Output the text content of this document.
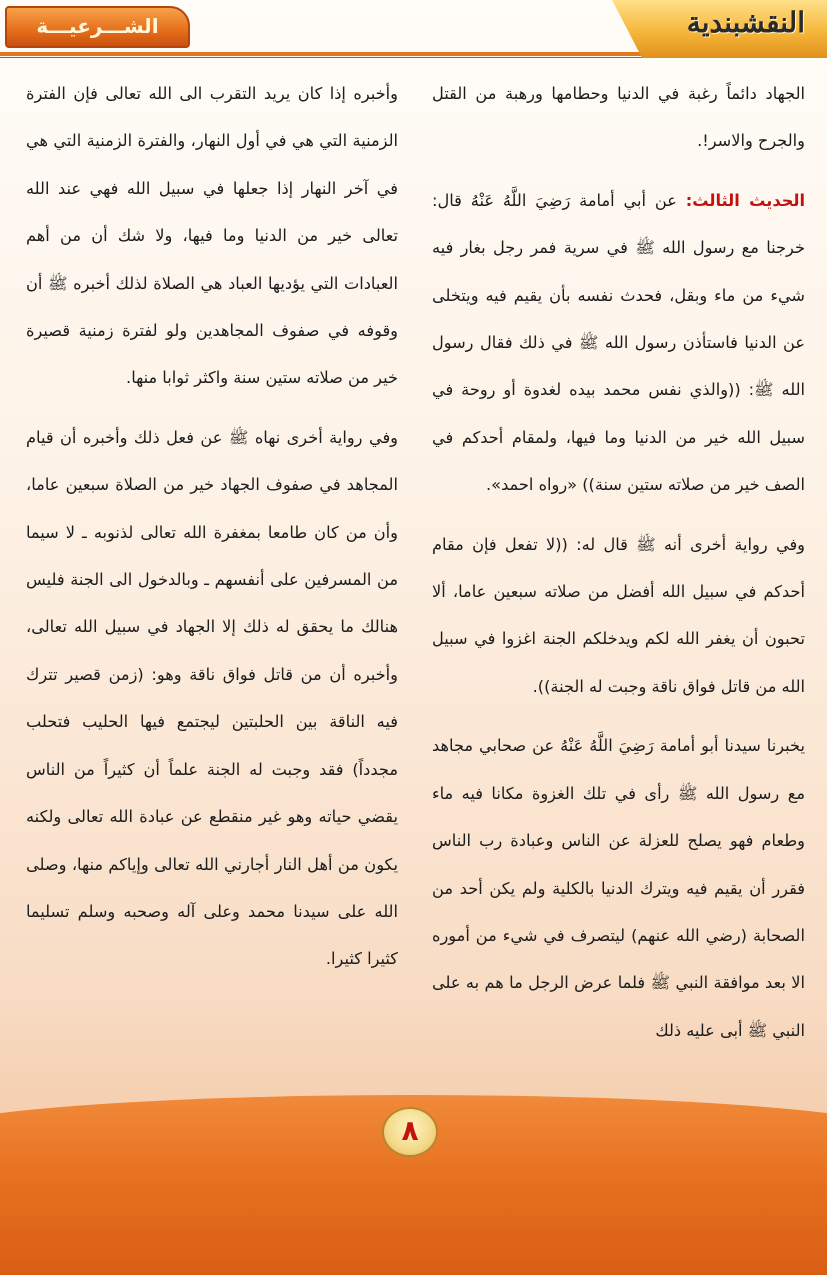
النقشبندية
الشـــرعيـــة

الجهاد دائماً رغبة في الدنيا وحطامها ورهبة من القتل والجرح والاسر!.

الحديث الثالث: عن أبي أمامة رَضِيَ اللَّهُ عَنْهُ قال: خرجنا مع رسول الله ﷺ في سرية فمر رجل بغار فيه شيء من ماء وبقل، فحدث نفسه بأن يقيم فيه ويتخلى عن الدنيا فاستأذن رسول الله ﷺ في ذلك فقال رسول الله ﷺ: ((والذي نفس محمد بيده لغدوة أو روحة في سبيل الله خير من الدنيا وما فيها، ولمقام أحدكم في الصف خير من صلاته ستين سنة)) «رواه احمد».

وفي رواية أخرى أنه ﷺ قال له: ((لا تفعل فإن مقام أحدكم في سبيل الله أفضل من صلاته سبعين عاما، ألا تحبون أن يغفر الله لكم ويدخلكم الجنة اغزوا في سبيل الله من قاتل فواق ناقة وجبت له الجنة)).

يخبرنا سيدنا أبو أمامة رَضِيَ اللَّهُ عَنْهُ عن صحابي مجاهد مع رسول الله ﷺ رأى في تلك الغزوة مكانا فيه ماء وطعام فهو يصلح للعزلة عن الناس وعبادة رب الناس فقرر أن يقيم فيه ويترك الدنيا بالكلية ولم يكن أحد من الصحابة (رضي الله عنهم) ليتصرف في شيء من أموره الا بعد موافقة النبي ﷺ فلما عرض الرجل ما هم به على النبي ﷺ أبى عليه ذلك

وأخبره إذا كان يريد التقرب الى الله تعالى فإن الفترة الزمنية التي هي في أول النهار، والفترة الزمنية التي هي في آخر النهار إذا جعلها في سبيل الله فهي عند الله تعالى خير من الدنيا وما فيها، ولا شك أن من أهم العبادات التي يؤديها العباد هي الصلاة لذلك أخبره ﷺ أن وقوفه في صفوف المجاهدين ولو لفترة زمنية قصيرة خير من صلاته ستين سنة واكثر ثوابا منها.

وفي رواية أخرى نهاه ﷺ عن فعل ذلك وأخبره أن قيام المجاهد في صفوف الجهاد خير من الصلاة سبعين عاما، وأن من كان طامعا بمغفرة الله تعالى لذنوبه ـ لا سيما من المسرفين على أنفسهم ـ وبالدخول الى الجنة فليس هنالك ما يحقق له ذلك إلا الجهاد في سبيل الله تعالى، وأخبره أن من قاتل فواق ناقة وهو: (زمن قصير تترك فيه الناقة بين الحلبتين ليجتمع فيها الحليب فتحلب مجدداً) فقد وجبت له الجنة علماً أن كثيراً من الناس يقضي حياته وهو غير منقطع عن عبادة الله تعالى ولكنه يكون من أهل النار أجارني الله تعالى وإياكم منها، وصلى الله على سيدنا محمد وعلى آله وصحبه وسلم تسليما كثيرا كثيرا.

٨
